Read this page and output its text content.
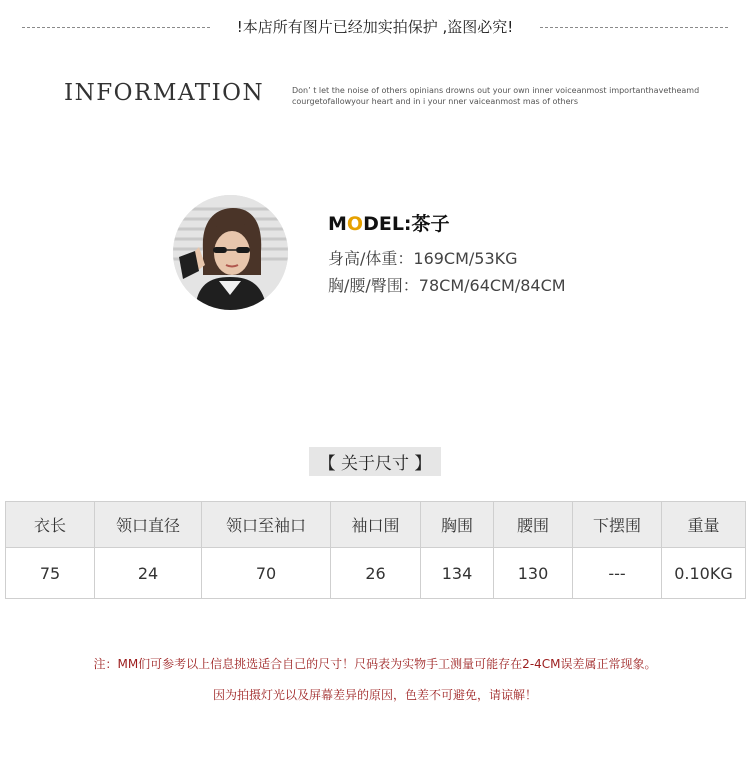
!本店所有图片已经加实拍保护 ,盗图必究!
INFORMATION	Don’ t let the noise of others opinians drowns out your own inner voiceanmost importanthavetheamd courgetofallowyour heart and in i your nner vaiceanmost mas of others
MODEL:茶子
身高/体重：169CM/53KG
胸/腰/臀围：78CM/64CM/84CM
【 关于尺寸 】
衣长	领口直径	领口至袖口	袖口围	胸围	腰围	下摆围	重量
75	24	70	26	134	130	---	0.10KG
注：MM们可参考以上信息挑选适合自己的尺寸！尺码表为实物手工测量可能存在2-4CM误差属正常现象。
因为拍摄灯光以及屏幕差异的原因，色差不可避免，请谅解！
